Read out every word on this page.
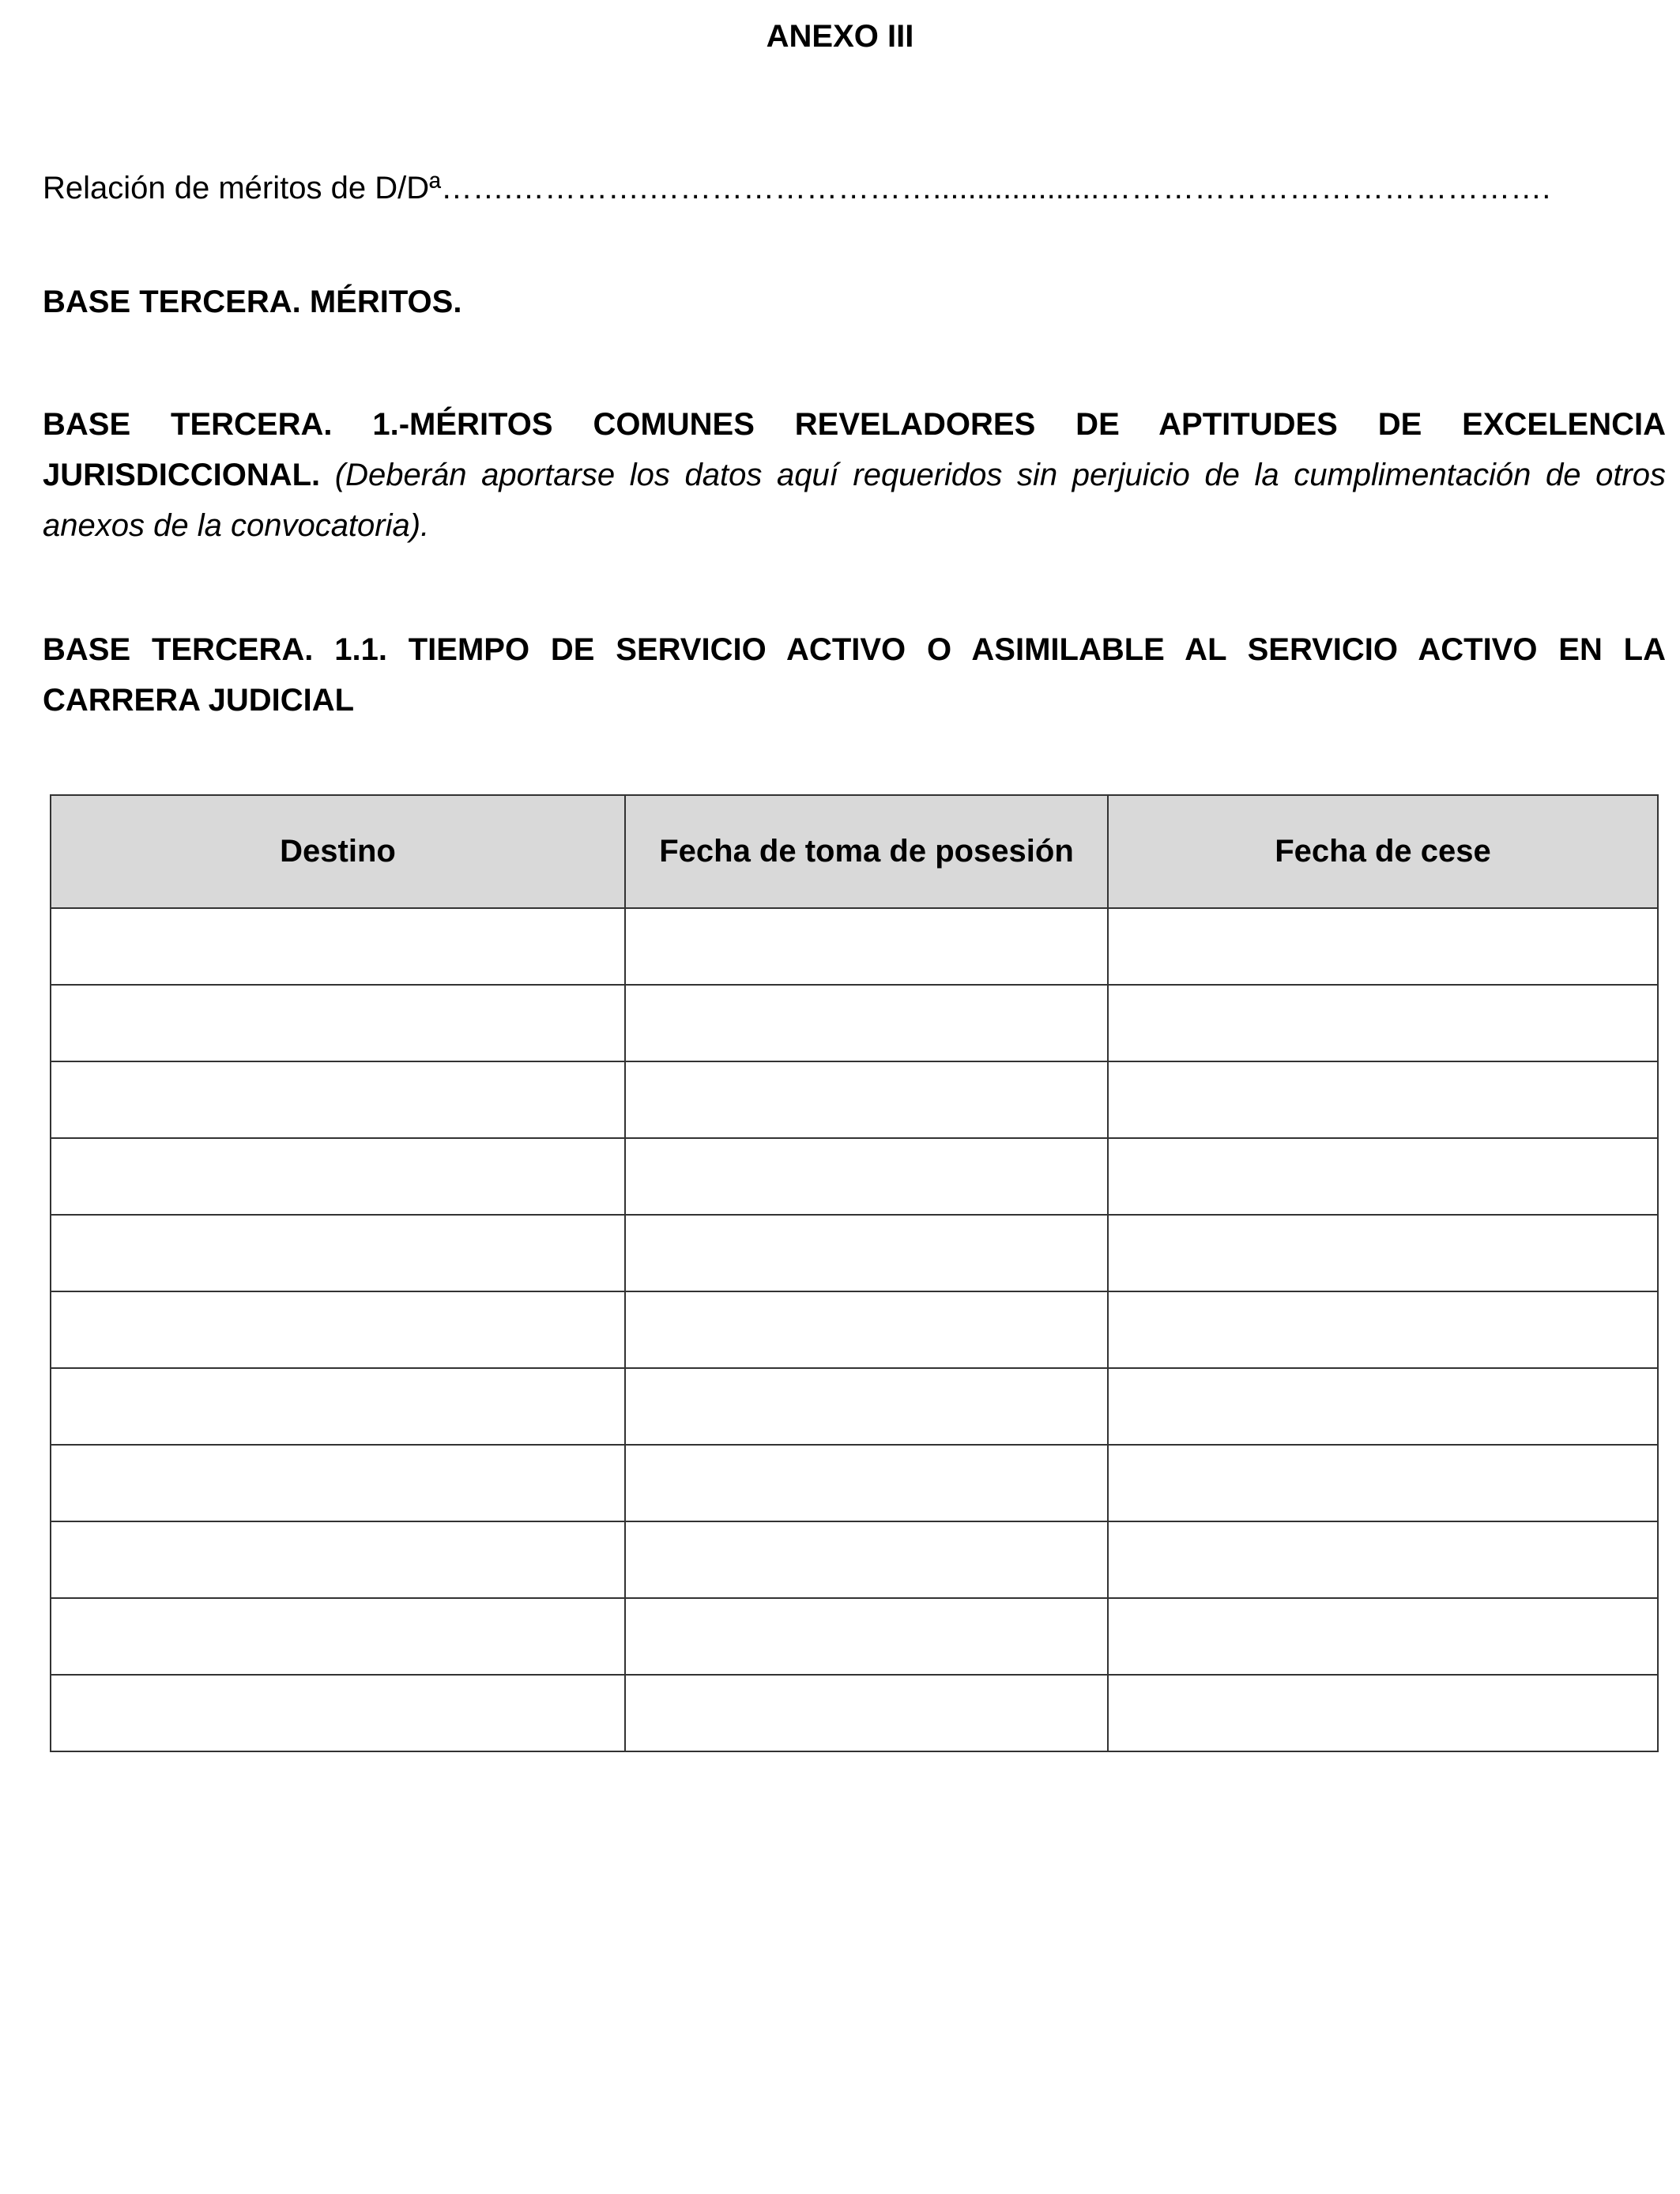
ANEXO III
Relación de méritos de D/Dª…….………….………………………...................…………………………………….
BASE TERCERA. MÉRITOS.
BASE TERCERA. 1.-MÉRITOS COMUNES REVELADORES DE APTITUDES DE EXCELENCIA JURISDICCIONAL. (Deberán aportarse los datos aquí requeridos sin perjuicio de la cumplimentación de otros anexos de la convocatoria).
BASE TERCERA. 1.1. TIEMPO DE SERVICIO ACTIVO O ASIMILABLE AL SERVICIO ACTIVO EN LA CARRERA JUDICIAL
Destino	Fecha de toma de posesión	Fecha de cese
